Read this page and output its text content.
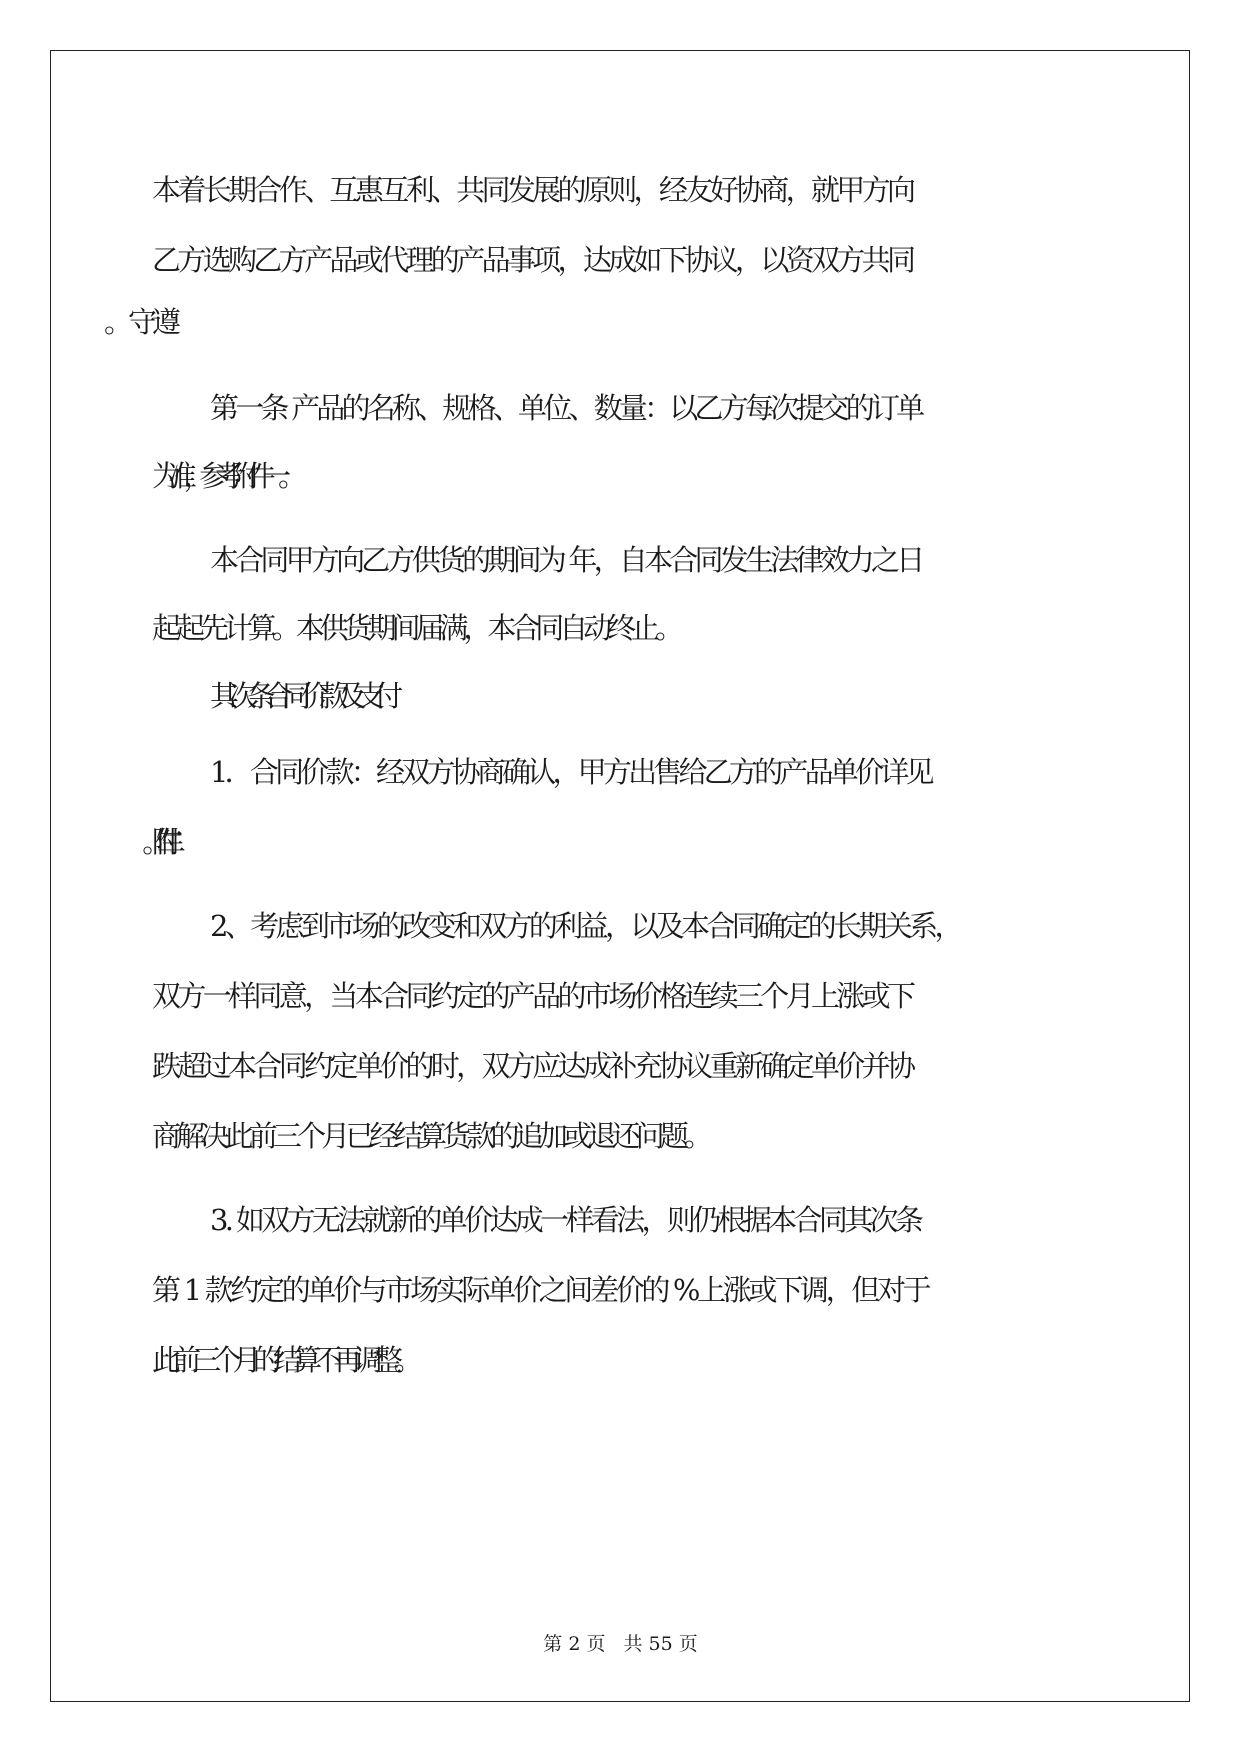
本着长期合作、互惠互利、共同发展的原则，经友好协商，就甲方向
乙方选购乙方产品或代理的产品事项，达成如下协议，以资双方共同
第一条 产品的名称、规格、单位、数量：以乙方每次提交的订单
为准，参考附件一。
本合同甲方向乙方供货的期间为 年，自本合同发生法律效力之日
起起先计算。本供货期间届满，本合同自动终止。
其次条 合同价款及支付
1．合同价款：经双方协商确认，甲方出售给乙方的产品单价详见
2、考虑到市场的改变和双方的利益，以及本合同确定的长期关系，
双方一样同意，当本合同约定的产品的市场价格连续三个月上涨或下
跌超过本合同约定单价的时，双方应达成补充协议重新确定单价并协
商解决此前三个月已经结算货款的追加或退还问题。
3. 如双方无法就新的单价达成一样看法，则仍根据本合同其次条
第 1 款约定的单价与市场实际单价之间差价的 %上涨或下调，但对于
此前三个月的结算不再调整。
第 2 页 共 55 页
